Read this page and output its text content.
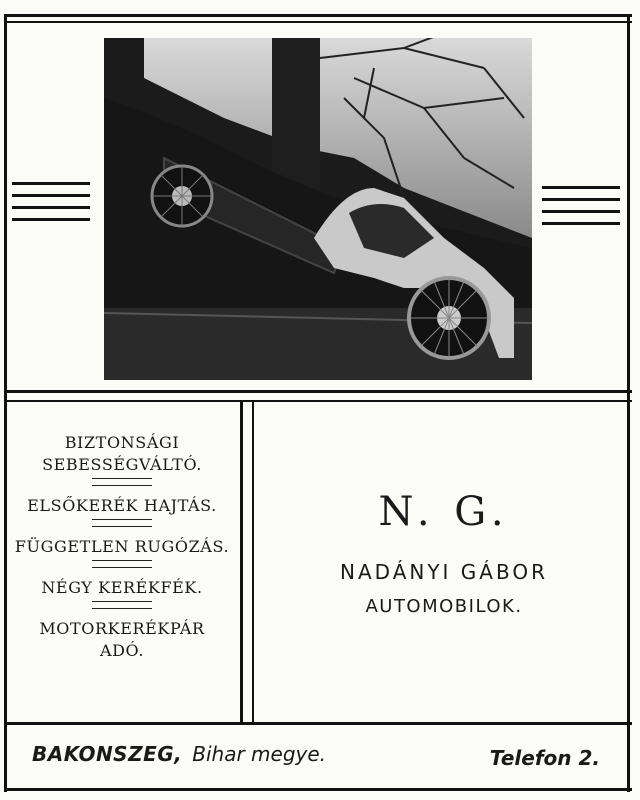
BIZTONSÁGI
SEBESSÉGVÁLTÓ.
ELSŐKERÉK HAJTÁS.
FÜGGETLEN RUGÓZÁS.
NÉGY KERÉKFÉK.
MOTORKERÉKPÁR
ADÓ.
N. G.
NADÁNYI GÁBOR
AUTOMOBILOK.
BAKONSZEG, Bihar megye.	Telefon 2.
